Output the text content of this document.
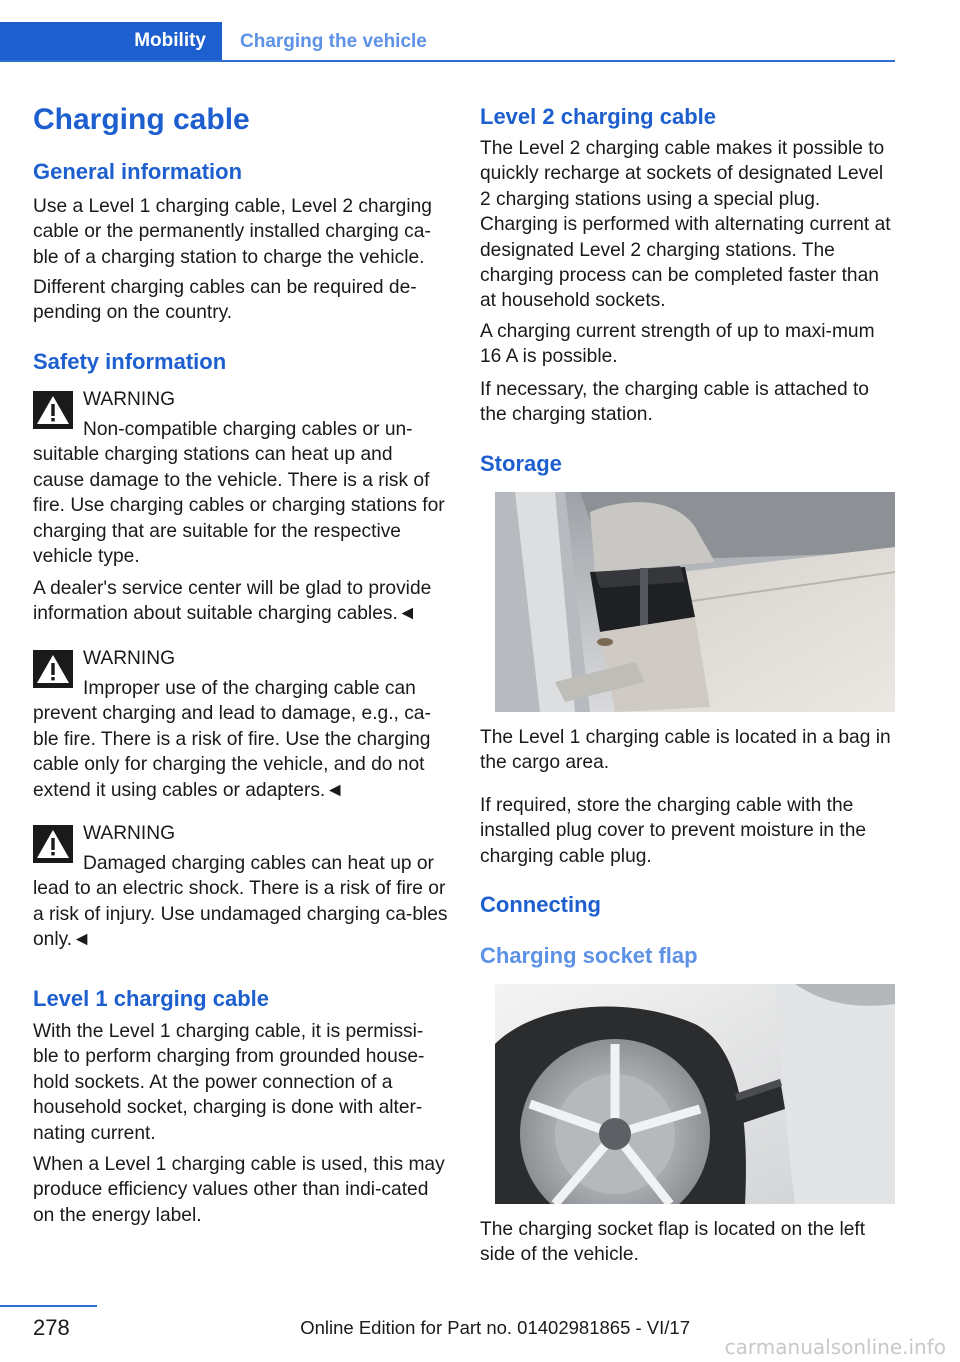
Mobility	Charging the vehicle
Charging cable
General information

Use a Level 1 charging cable, Level 2 charging cable or the permanently installed charging ca-ble of a charging station to charge the vehicle.

Different charging cables can be required de-pending on the country.

Safety information
WARNING
Non-compatible charging cables or un-suitable charging stations can heat up and cause damage to the vehicle. There is a risk of fire. Use charging cables or charging stations for charging that are suitable for the respective vehicle type.

A dealer's service center will be glad to provide information about suitable charging cables.◄

WARNING
Improper use of the charging cable can prevent charging and lead to damage, e.g., ca-ble fire. There is a risk of fire. Use the charging cable only for charging the vehicle, and do not extend it using cables or adapters.◄
WARNING
Damaged charging cables can heat up or lead to an electric shock. There is a risk of fire or a risk of injury. Use undamaged charging ca-bles only.◄
Level 1 charging cable

With the Level 1 charging cable, it is permissi-ble to perform charging from grounded house-hold sockets. At the power connection of a household socket, charging is done with alter-nating current.

When a Level 1 charging cable is used, this may produce efficiency values other than indi-cated on the energy label.

Level 2 charging cable

The Level 2 charging cable makes it possible to quickly recharge at sockets of designated Level 2 charging stations using a special plug. Charging is performed with alternating current at designated Level 2 charging stations. The charging process can be completed faster than at household sockets.

A charging current strength of up to maxi-mum 16 A is possible.

If necessary, the charging cable is attached to the charging station.

Storage

The Level 1 charging cable is located in a bag in the cargo area.

If required, store the charging cable with the installed plug cover to prevent moisture in the charging cable plug.

Connecting
Charging socket flap

The charging socket flap is located on the left side of the vehicle.

278	Online Edition for Part no. 01402981865 - VI/17
carmanualsonline.info
